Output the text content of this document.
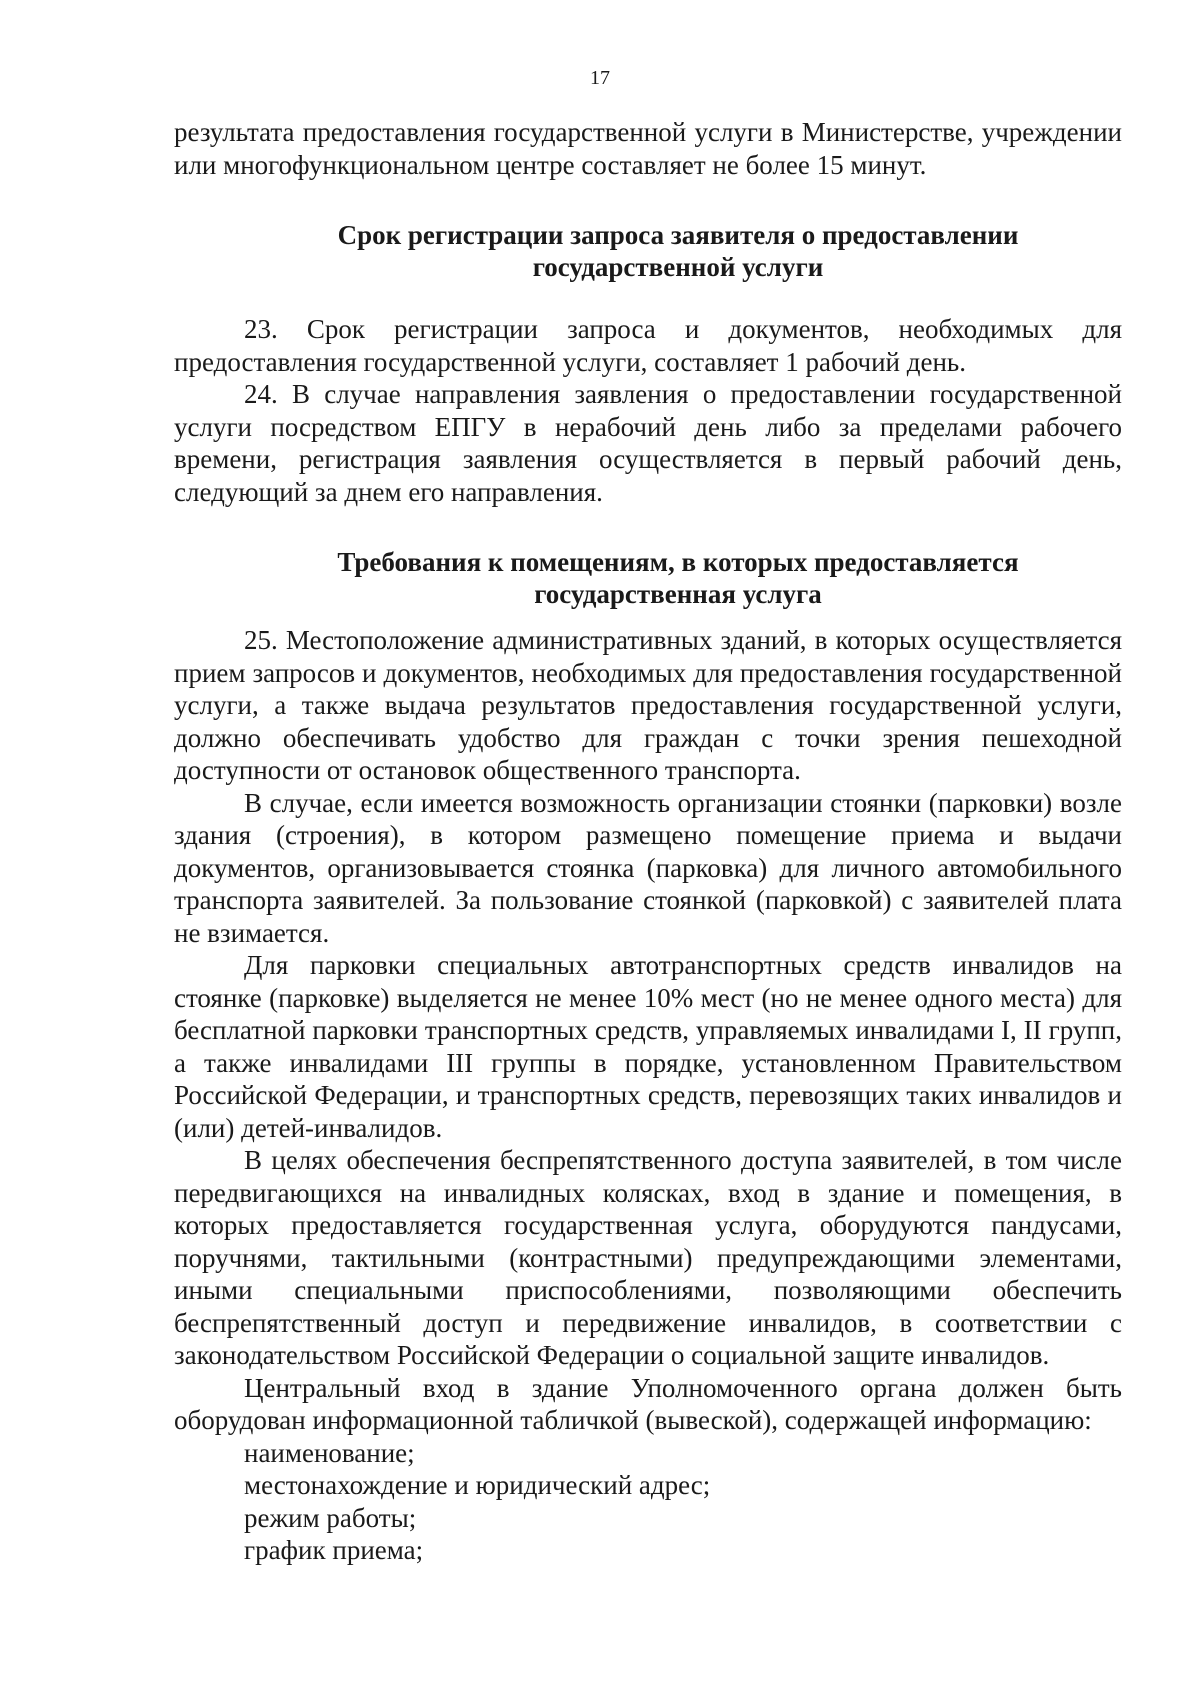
17

результата предоставления государственной услуги в Министерстве, учреждении или многофункциональном центре составляет не более 15 минут.

Срок регистрации запроса заявителя о предоставлении

государственной услуги

23. Срок регистрации запроса и документов, необходимых для предоставления государственной услуги, составляет 1 рабочий день.

24. В случае направления заявления о предоставлении государственной услуги посредством ЕПГУ в нерабочий день либо за пределами рабочего времени, регистрация заявления осуществляется в первый рабочий день, следующий за днем его направления.

Требования к помещениям, в которых предоставляется

государственная услуга

25. Местоположение административных зданий, в которых осуществляется прием запросов и документов, необходимых для предоставления государственной услуги, а также выдача результатов предоставления государственной услуги, должно обеспечивать удобство для граждан с точки зрения пешеходной доступности от остановок общественного транспорта.

В случае, если имеется возможность организации стоянки (парковки) возле здания (строения), в котором размещено помещение приема и выдачи документов, организовывается стоянка (парковка) для личного автомобильного транспорта заявителей. За пользование стоянкой (парковкой) с заявителей плата не взимается.

Для парковки специальных автотранспортных средств инвалидов на стоянке (парковке) выделяется не менее 10% мест (но не менее одного места) для бесплатной парковки транспортных средств, управляемых инвалидами I, II групп, а также инвалидами III группы в порядке, установленном Правительством Российской Федерации, и транспортных средств, перевозящих таких инвалидов и (или) детей-инвалидов.

В целях обеспечения беспрепятственного доступа заявителей, в том числе передвигающихся на инвалидных колясках, вход в здание и помещения, в которых предоставляется государственная услуга, оборудуются пандусами, поручнями, тактильными (контрастными) предупреждающими элементами, иными специальными приспособлениями, позволяющими обеспечить беспрепятственный доступ и передвижение инвалидов, в соответствии с законодательством Российской Федерации о социальной защите инвалидов.

Центральный вход в здание Уполномоченного органа должен быть оборудован информационной табличкой (вывеской), содержащей информацию:

наименование;

местонахождение и юридический адрес;

режим работы;

график приема;
